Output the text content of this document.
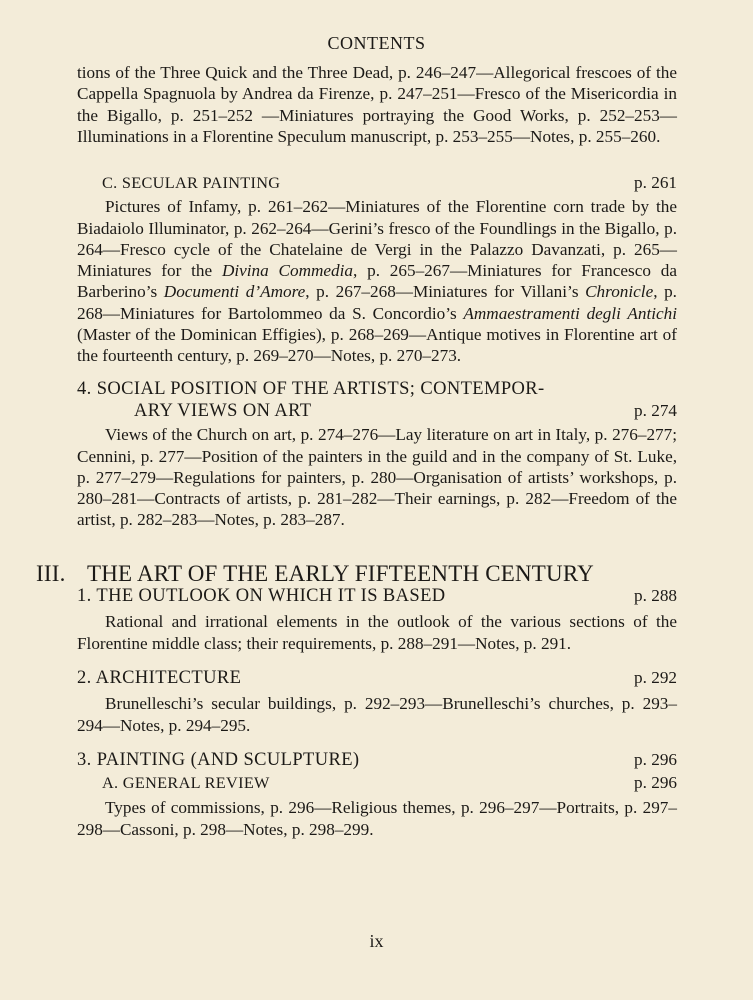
CONTENTS

tions of the Three Quick and the Three Dead, p. 246–247—Allegorical frescoes of the Cappella Spagnuola by Andrea da Firenze, p. 247–251—Fresco of the Misericordia in the Bigallo, p. 251–252 —Miniatures portraying the Good Works, p. 252–253—Illuminations in a Florentine Speculum manuscript, p. 253–255—Notes, p. 255–260.

C. SECULAR PAINTING	p. 261

Pictures of Infamy, p. 261–262—Miniatures of the Florentine corn trade by the Biadaiolo Illuminator, p. 262–264—Gerini’s fresco of the Foundlings in the Bigallo, p. 264—Fresco cycle of the Chatelaine de Vergi in the Palazzo Davanzati, p. 265—Miniatures for the Divina Commedia, p. 265–267—Miniatures for Francesco da Barberino’s Documenti d’Amore, p. 267–268—Miniatures for Villani’s Chronicle, p. 268—Miniatures for Bartolommeo da S. Concordio’s Ammaestramenti degli Antichi (Master of the Dominican Effigies), p. 268–269—Antique motives in Florentine art of the fourteenth century, p. 269–270—Notes, p. 270–273.

4. SOCIAL POSITION OF THE ARTISTS; CONTEMPOR-
ARY VIEWS ON ART	p. 274

Views of the Church on art, p. 274–276—Lay literature on art in Italy, p. 276–277; Cennini, p. 277—Position of the painters in the guild and in the company of St. Luke, p. 277–279—Regulations for painters, p. 280—Organisation of artists’ workshops, p. 280–281—Contracts of artists, p. 281–282—Their earnings, p. 282—Freedom of the artist, p. 282–283—Notes, p. 283–287.

III. THE ART OF THE EARLY FIFTEENTH CENTURY
1. THE OUTLOOK ON WHICH IT IS BASED	p. 288

Rational and irrational elements in the outlook of the various sections of the Florentine middle class; their requirements, p. 288–291—Notes, p. 291.

2. ARCHITECTURE	p. 292

Brunelleschi’s secular buildings, p. 292–293—Brunelleschi’s churches, p. 293–294—Notes, p. 294–295.

3. PAINTING (AND SCULPTURE)	p. 296
A. GENERAL REVIEW	p. 296

Types of commissions, p. 296—Religious themes, p. 296–297—Portraits, p. 297–298—Cassoni, p. 298—Notes, p. 298–299.

ix
